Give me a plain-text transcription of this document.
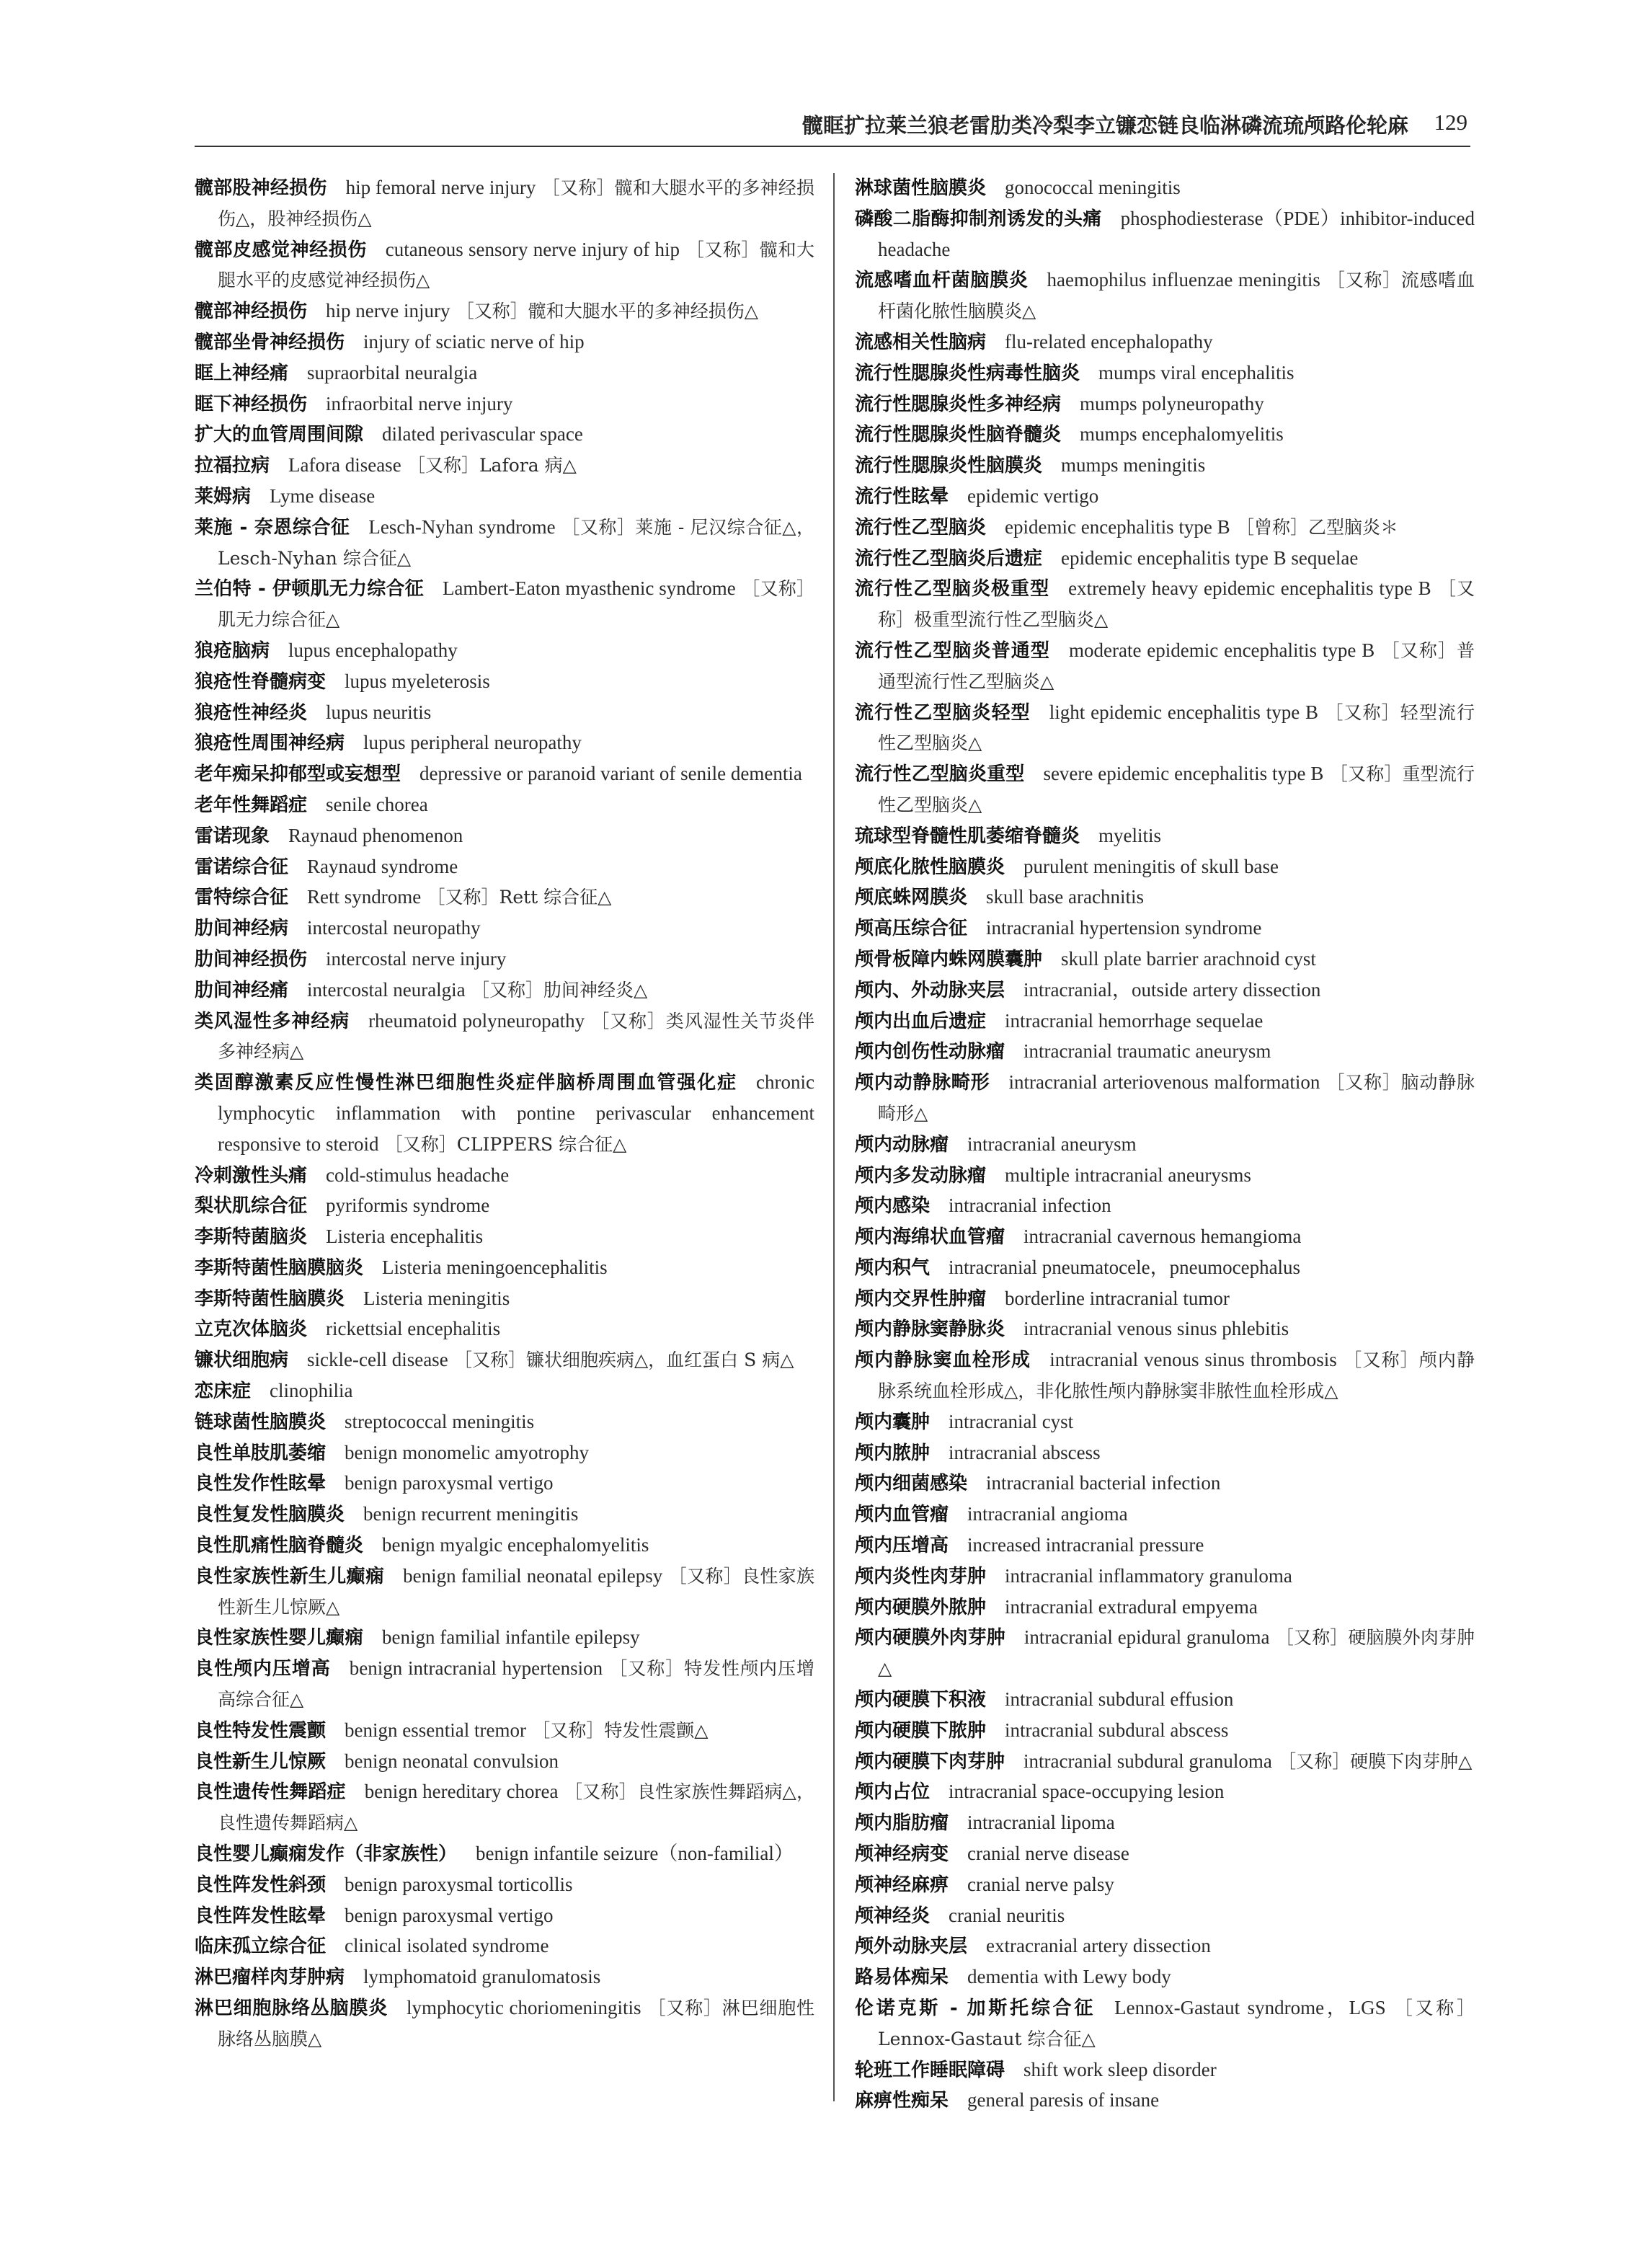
髋眶扩拉莱兰狼老雷肋类冷梨李立镰恋链良临淋磷流琉颅路伦轮麻 129
髋部股神经损伤  hip femoral nerve injury ［又称］髋和大腿水平的多神经损伤△，股神经损伤△
髋部皮感觉神经损伤  cutaneous sensory nerve injury of hip ［又称］髋和大腿水平的皮感觉神经损伤△
髋部神经损伤  hip nerve injury ［又称］髋和大腿水平的多神经损伤△
髋部坐骨神经损伤  injury of sciatic nerve of hip
眶上神经痛  supraorbital neuralgia
眶下神经损伤  infraorbital nerve injury
扩大的血管周围间隙  dilated perivascular space
拉福拉病  Lafora disease ［又称］Lafora 病△
莱姆病  Lyme disease
莱施 - 奈恩综合征  Lesch-Nyhan syndrome ［又称］莱施 - 尼汉综合征△，Lesch-Nyhan 综合征△
兰伯特 - 伊顿肌无力综合征  Lambert-Eaton myasthenic syndrome ［又称］肌无力综合征△
狼疮脑病  lupus encephalopathy
狼疮性脊髓病变  lupus myeleterosis
狼疮性神经炎  lupus neuritis
狼疮性周围神经病  lupus peripheral neuropathy
老年痴呆抑郁型或妄想型  depressive or paranoid variant of senile dementia
老年性舞蹈症  senile chorea
雷诺现象  Raynaud phenomenon
雷诺综合征  Raynaud syndrome
雷特综合征  Rett syndrome ［又称］Rett 综合征△
肋间神经病  intercostal neuropathy
肋间神经损伤  intercostal nerve injury
肋间神经痛  intercostal neuralgia ［又称］肋间神经炎△
类风湿性多神经病  rheumatoid polyneuropathy ［又称］类风湿性关节炎伴多神经病△
类固醇激素反应性慢性淋巴细胞性炎症伴脑桥周围血管强化症  chronic lymphocytic inflammation with pontine perivascular enhancement responsive to steroid ［又称］CLIPPERS 综合征△
冷刺激性头痛  cold-stimulus headache
梨状肌综合征  pyriformis syndrome
李斯特菌脑炎  Listeria encephalitis
李斯特菌性脑膜脑炎  Listeria meningoencephalitis
李斯特菌性脑膜炎  Listeria meningitis
立克次体脑炎  rickettsial encephalitis
镰状细胞病  sickle-cell disease ［又称］镰状细胞疾病△，血红蛋白 S 病△
恋床症  clinophilia
链球菌性脑膜炎  streptococcal meningitis
良性单肢肌萎缩  benign monomelic amyotrophy
良性发作性眩晕  benign paroxysmal vertigo
良性复发性脑膜炎  benign recurrent meningitis
良性肌痛性脑脊髓炎  benign myalgic encephalomyelitis
良性家族性新生儿癫痫  benign familial neonatal epilepsy ［又称］良性家族性新生儿惊厥△
良性家族性婴儿癫痫  benign familial infantile epilepsy
良性颅内压增高  benign intracranial hypertension ［又称］特发性颅内压增高综合征△
良性特发性震颤  benign essential tremor ［又称］特发性震颤△
良性新生儿惊厥  benign neonatal convulsion
良性遗传性舞蹈症  benign hereditary chorea ［又称］良性家族性舞蹈病△，良性遗传舞蹈病△
良性婴儿癫痫发作（非家族性）  benign infantile seizure（non-familial）
良性阵发性斜颈  benign paroxysmal torticollis
良性阵发性眩晕  benign paroxysmal vertigo
临床孤立综合征  clinical isolated syndrome
淋巴瘤样肉芽肿病  lymphomatoid granulomatosis
淋巴细胞脉络丛脑膜炎  lymphocytic choriomeningitis ［又称］淋巴细胞性脉络丛脑膜△
淋球菌性脑膜炎  gonococcal meningitis
磷酸二脂酶抑制剂诱发的头痛  phosphodiesterase（PDE）inhibitor-induced headache
流感嗜血杆菌脑膜炎  haemophilus influenzae meningitis ［又称］流感嗜血杆菌化脓性脑膜炎△
流感相关性脑病  flu-related encephalopathy
流行性腮腺炎性病毒性脑炎  mumps viral encephalitis
流行性腮腺炎性多神经病  mumps polyneuropathy
流行性腮腺炎性脑脊髓炎  mumps encephalomyelitis
流行性腮腺炎性脑膜炎  mumps meningitis
流行性眩晕  epidemic vertigo
流行性乙型脑炎  epidemic encephalitis type B ［曾称］乙型脑炎＊
流行性乙型脑炎后遗症  epidemic encephalitis type B sequelae
流行性乙型脑炎极重型  extremely heavy epidemic encephalitis type B ［又称］极重型流行性乙型脑炎△
流行性乙型脑炎普通型  moderate epidemic encephalitis type B ［又称］普通型流行性乙型脑炎△
流行性乙型脑炎轻型  light epidemic encephalitis type B ［又称］轻型流行性乙型脑炎△
流行性乙型脑炎重型  severe epidemic encephalitis type B ［又称］重型流行性乙型脑炎△
琉球型脊髓性肌萎缩脊髓炎  myelitis
颅底化脓性脑膜炎  purulent meningitis of skull base
颅底蛛网膜炎  skull base arachnitis
颅高压综合征  intracranial hypertension syndrome
颅骨板障内蛛网膜囊肿  skull plate barrier arachnoid cyst
颅内、外动脉夹层  intracranial，outside artery dissection
颅内出血后遗症  intracranial hemorrhage sequelae
颅内创伤性动脉瘤  intracranial traumatic aneurysm
颅内动静脉畸形  intracranial arteriovenous malformation ［又称］脑动静脉畸形△
颅内动脉瘤  intracranial aneurysm
颅内多发动脉瘤  multiple intracranial aneurysms
颅内感染  intracranial infection
颅内海绵状血管瘤  intracranial cavernous hemangioma
颅内积气  intracranial pneumatocele，pneumocephalus
颅内交界性肿瘤  borderline intracranial tumor
颅内静脉窦静脉炎  intracranial venous sinus phlebitis
颅内静脉窦血栓形成  intracranial venous sinus thrombosis ［又称］颅内静脉系统血栓形成△，非化脓性颅内静脉窦非脓性血栓形成△
颅内囊肿  intracranial cyst
颅内脓肿  intracranial abscess
颅内细菌感染  intracranial bacterial infection
颅内血管瘤  intracranial angioma
颅内压增高  increased intracranial pressure
颅内炎性肉芽肿  intracranial inflammatory granuloma
颅内硬膜外脓肿  intracranial extradural empyema
颅内硬膜外肉芽肿  intracranial epidural granuloma ［又称］硬脑膜外肉芽肿△
颅内硬膜下积液  intracranial subdural effusion
颅内硬膜下脓肿  intracranial subdural abscess
颅内硬膜下肉芽肿  intracranial subdural granuloma ［又称］硬膜下肉芽肿△
颅内占位  intracranial space-occupying lesion
颅内脂肪瘤  intracranial lipoma
颅神经病变  cranial nerve disease
颅神经麻痹  cranial nerve palsy
颅神经炎  cranial neuritis
颅外动脉夹层  extracranial artery dissection
路易体痴呆  dementia with Lewy body
伦诺克斯 - 加斯托综合征  Lennox-Gastaut syndrome，LGS ［又称］Lennox-Gastaut 综合征△
轮班工作睡眠障碍  shift work sleep disorder
麻痹性痴呆  general paresis of insane
